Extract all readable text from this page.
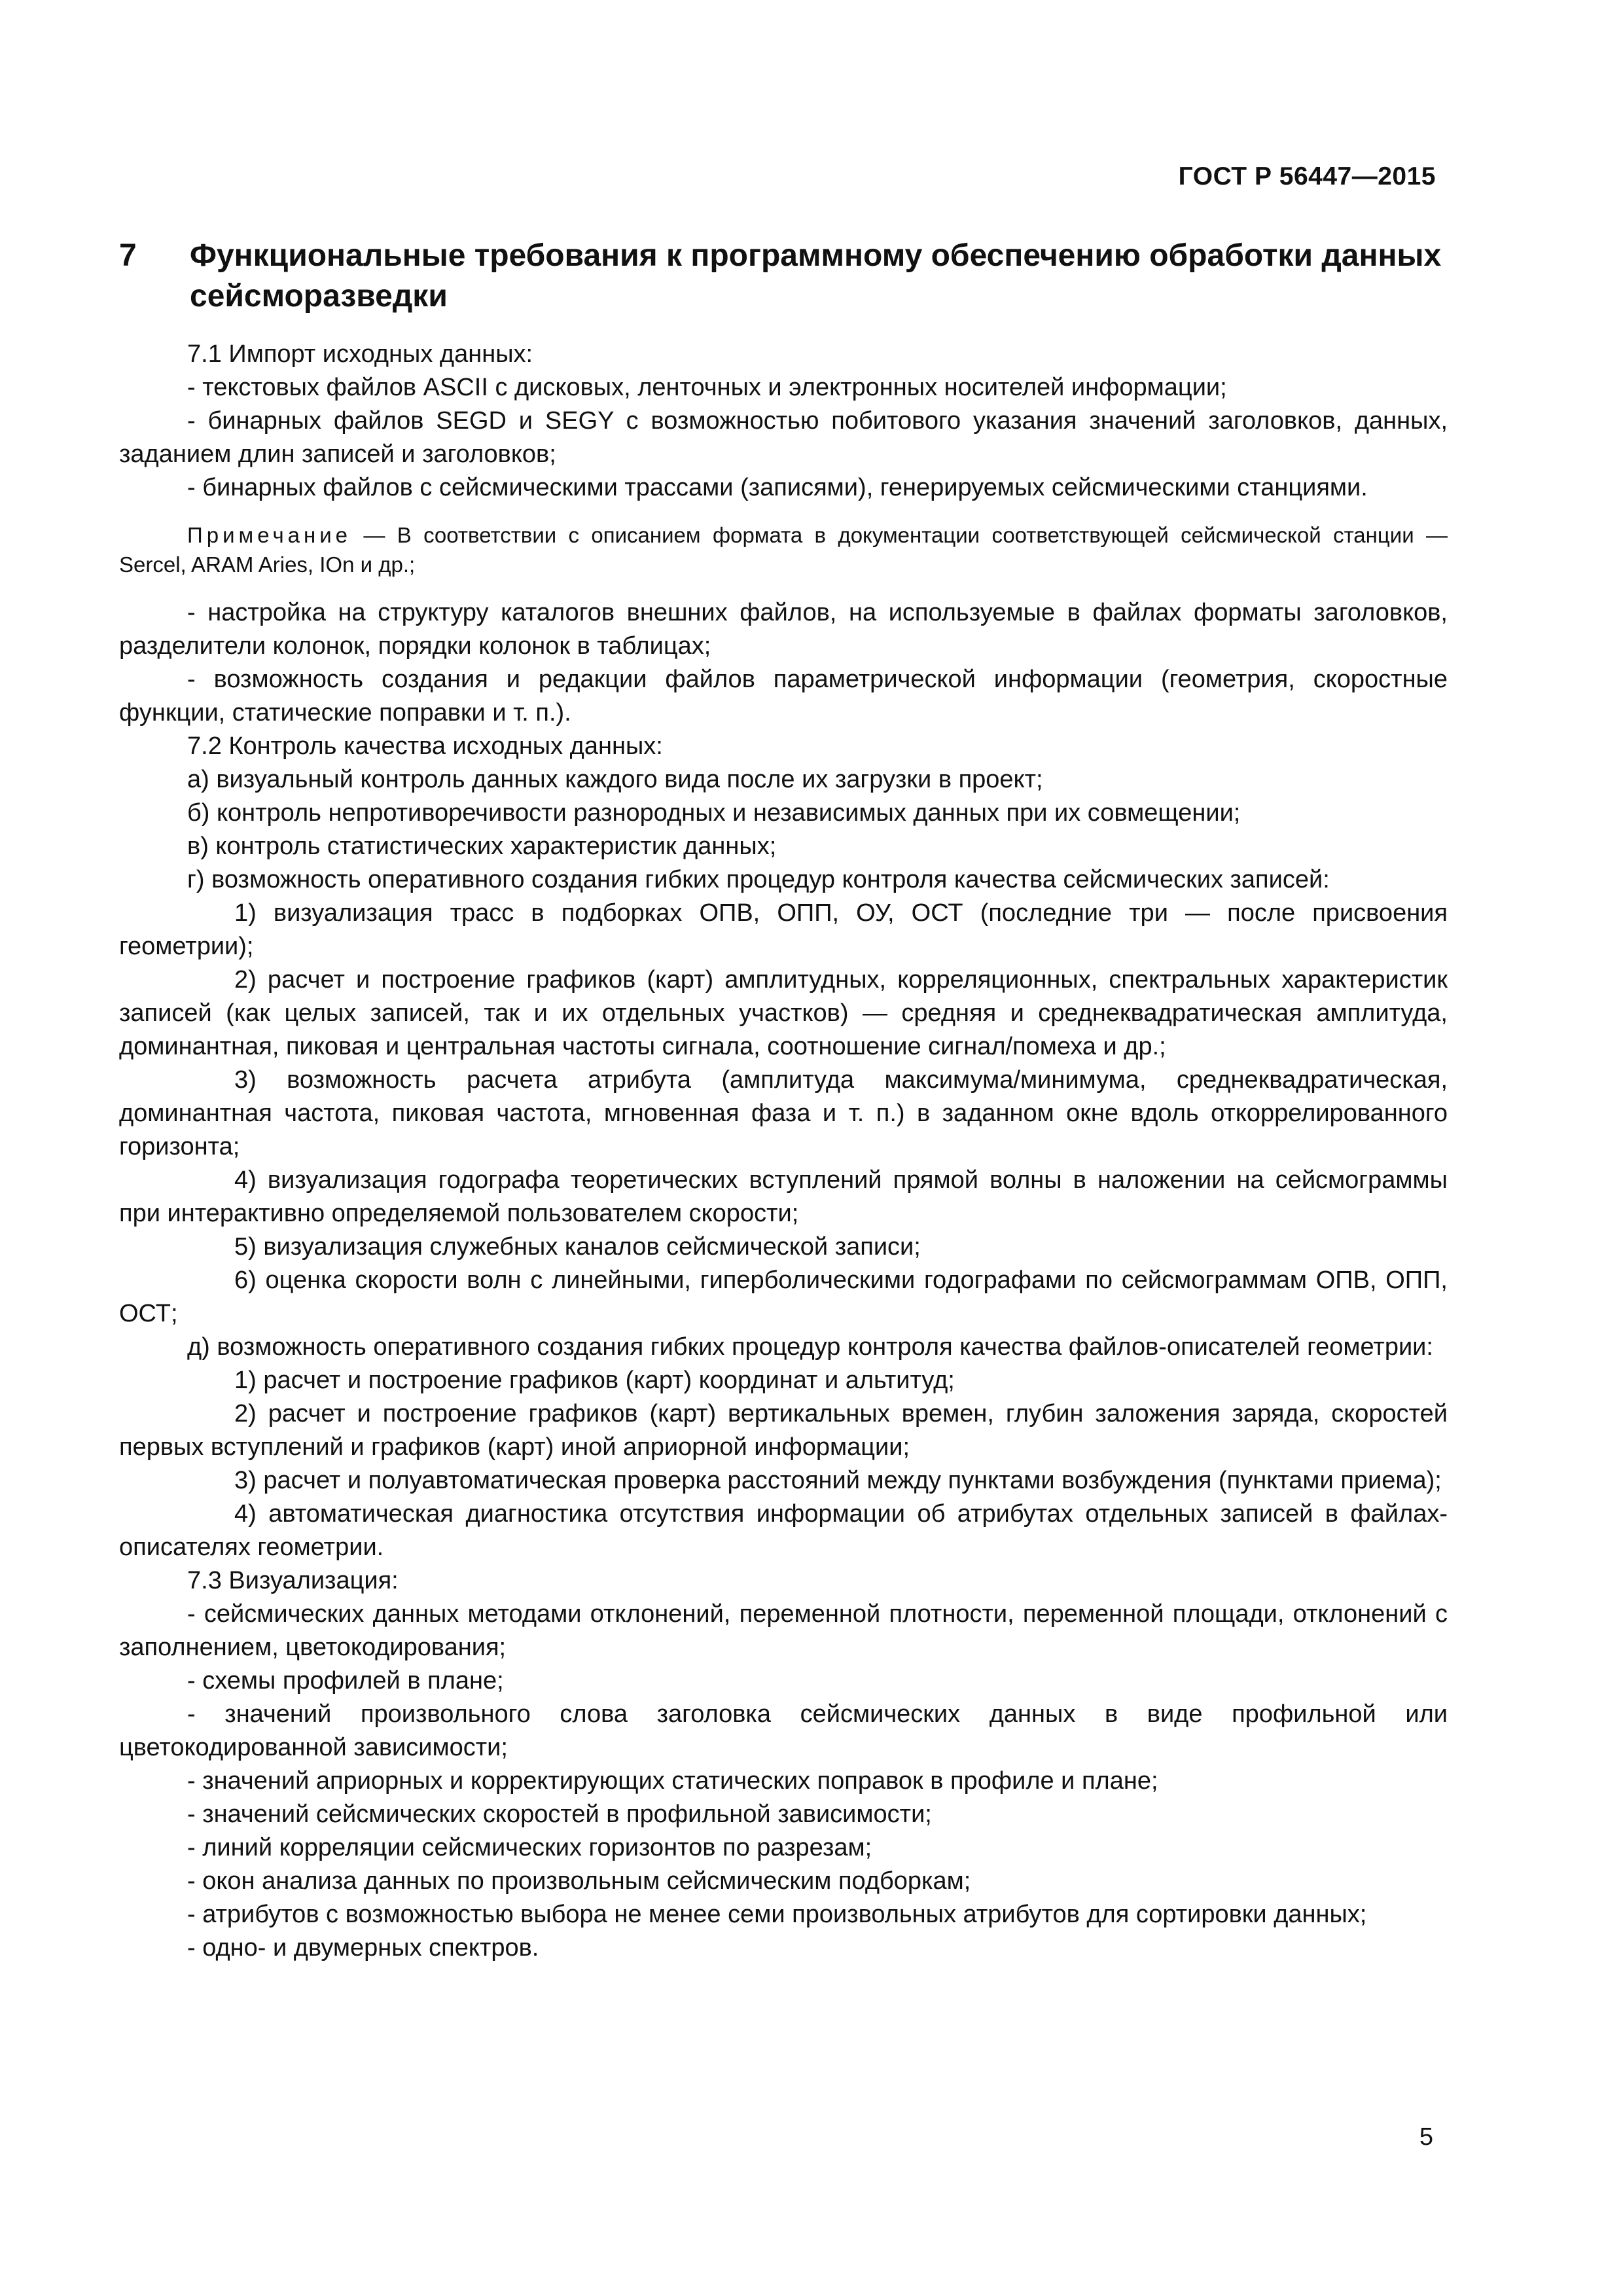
ГОСТ Р 56447—2015
7 Функциональные требования к программному обеспечению обработки данных сейсморазведки

7.1 Импорт исходных данных:

- текстовых файлов ASCII с дисковых, ленточных и электронных носителей информации;

- бинарных файлов SEGD и SEGY с возможностью побитового указания значений заголовков, данных, заданием длин записей и заголовков;

- бинарных файлов с сейсмическими трассами (записями), генерируемых сейсмическими станциями.

Примечание — В соответствии с описанием формата в документации соответствующей сейсмической станции — Sercel, ARAM Aries, IOn и др.;

- настройка на структуру каталогов внешних файлов, на используемые в файлах форматы заголовков, разделители колонок, порядки колонок в таблицах;

- возможность создания и редакции файлов параметрической информации (геометрия, скоростные функции, статические поправки и т. п.).

7.2 Контроль качества исходных данных:

а) визуальный контроль данных каждого вида после их загрузки в проект;

б) контроль непротиворечивости разнородных и независимых данных при их совмещении;

в) контроль статистических характеристик данных;

г) возможность оперативного создания гибких процедур контроля качества сейсмических записей:

1) визуализация трасс в подборках ОПВ, ОПП, ОУ, ОСТ (последние три — после присвоения геометрии);

2) расчет и построение графиков (карт) амплитудных, корреляционных, спектральных характеристик записей (как целых записей, так и их отдельных участков) — средняя и среднеквадратическая амплитуда, доминантная, пиковая и центральная частоты сигнала, соотношение сигнал/помеха и др.;

3) возможность расчета атрибута (амплитуда максимума/минимума, среднеквадратическая, доминантная частота, пиковая частота, мгновенная фаза и т. п.) в заданном окне вдоль откоррелированного горизонта;

4) визуализация годографа теоретических вступлений прямой волны в наложении на сейсмограммы при интерактивно определяемой пользователем скорости;

5) визуализация служебных каналов сейсмической записи;

6) оценка скорости волн с линейными, гиперболическими годографами по сейсмограммам ОПВ, ОПП, ОСТ;

д) возможность оперативного создания гибких процедур контроля качества файлов-описателей геометрии:

1) расчет и построение графиков (карт) координат и альтитуд;

2) расчет и построение графиков (карт) вертикальных времен, глубин заложения заряда, скоростей первых вступлений и графиков (карт) иной априорной информации;

3) расчет и полуавтоматическая проверка расстояний между пунктами возбуждения (пунктами приема);

4) автоматическая диагностика отсутствия информации об атрибутах отдельных записей в файлах-описателях геометрии.

7.3 Визуализация:

- сейсмических данных методами отклонений, переменной плотности, переменной площади, отклонений с заполнением, цветокодирования;

- схемы профилей в плане;

- значений произвольного слова заголовка сейсмических данных в виде профильной или цветокодированной зависимости;

- значений априорных и корректирующих статических поправок в профиле и плане;

- значений сейсмических скоростей в профильной зависимости;

- линий корреляции сейсмических горизонтов по разрезам;

- окон анализа данных по произвольным сейсмическим подборкам;

- атрибутов с возможностью выбора не менее семи произвольных атрибутов для сортировки данных;

- одно- и двумерных спектров.

5
